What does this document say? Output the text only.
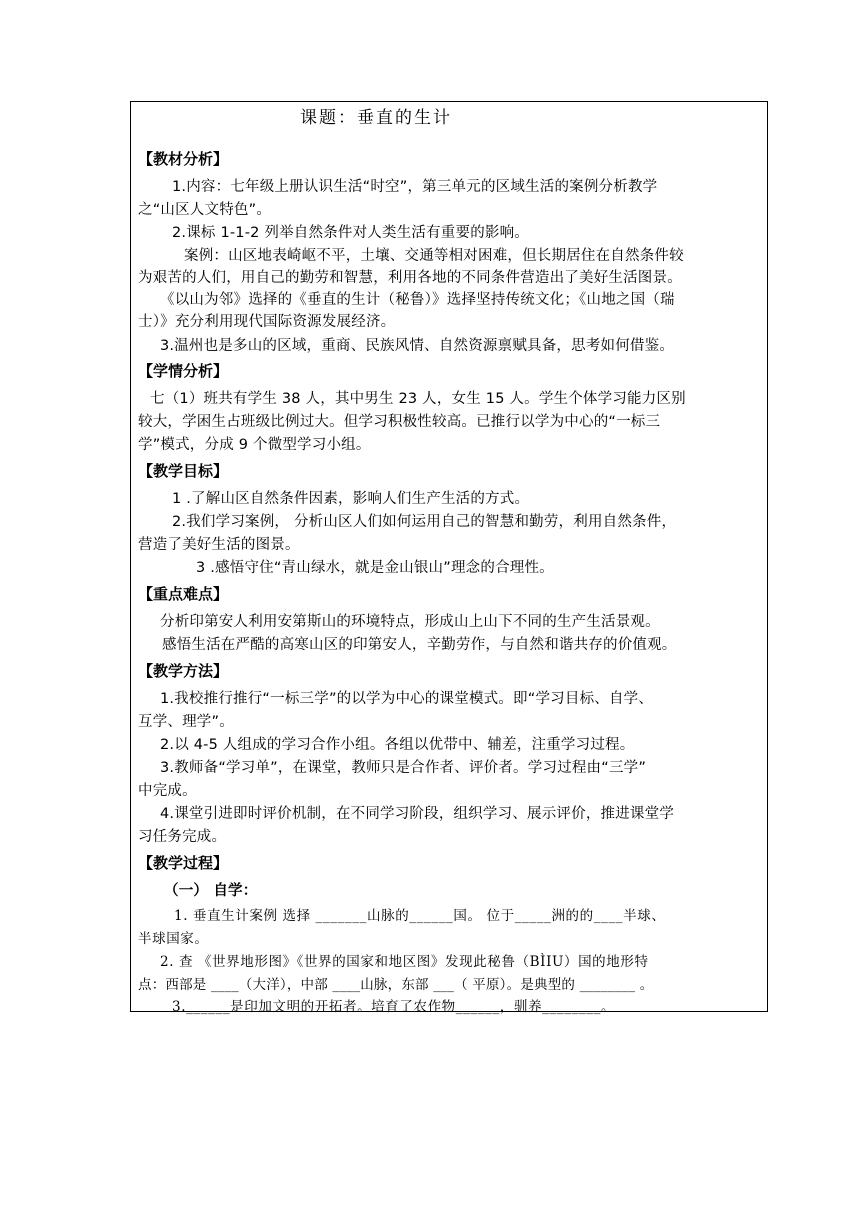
课题：垂直的生计
【教材分析】
1.内容：七年级上册认识生活“时空”，第三单元的区域生活的案例分析教学
之“山区人文特色”。
2.课标 1-1-2 列举自然条件对人类生活有重要的影响。
案例：山区地表崎岖不平，土壤、交通等相对困难，但长期居住在自然条件较
为艰苦的人们，用自己的勤劳和智慧，利用各地的不同条件营造出了美好生活图景。
《以山为邻》选择的《垂直的生计（秘鲁）》选择坚持传统文化；《山地之国（瑞
士）》充分利用现代国际资源发展经济。
3.温州也是多山的区域，重商、民族风情、自然资源禀赋具备，思考如何借鉴。
【学情分析】
七（1）班共有学生 38 人，其中男生 23 人，女生 15 人。学生个体学习能力区别
较大，学困生占班级比例过大。但学习积极性较高。已推行以学为中心的“一标三
学”模式，分成 9 个微型学习小组。
【教学目标】
1 .了解山区自然条件因素，影响人们生产生活的方式。
2.我们学习案例， 分析山区人们如何运用自己的智慧和勤劳，利用自然条件，
营造了美好生活的图景。
3 .感悟守住“青山绿水，就是金山银山”理念的合理性。
【重点难点】
分析印第安人利用安第斯山的环境特点，形成山上山下不同的生产生活景观。
感悟生活在严酷的高寒山区的印第安人，辛勤劳作，与自然和谐共存的价值观。
【教学方法】
1.我校推行推行“一标三学”的以学为中心的课堂模式。即“学习目标、自学、
互学、理学”。
2.以 4-5 人组成的学习合作小组。各组以优带中、辅差，注重学习过程。
3.教师备“学习单”，在课堂，教师只是合作者、评价者。学习过程由“三学”
中完成。
4.课堂引进即时评价机制，在不同学习阶段，组织学习、展示评价，推进课堂学
习任务完成。
【教学过程】
（一） 自学：
1. 垂直生计案例 选择 _______山脉的______国。 位于_____洲的的____半球、
半球国家。
2. 查 《世界地形图》《世界的国家和地区图》发现此秘鲁（BÌIU）国的地形特
点：西部是 ____（大洋），中部 ____山脉，东部 ___（ 平原）。是典型的 ________ 。
3.______是印加文明的开拓者。培育了农作物______，驯养________。
